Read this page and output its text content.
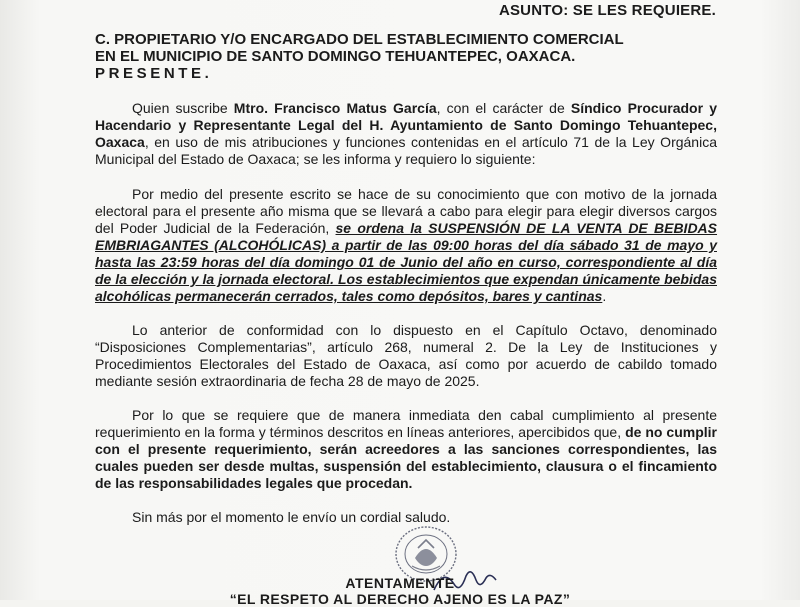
ASUNTO: SE LES REQUIERE.
C. PROPIETARIO Y/O ENCARGADO DEL ESTABLECIMIENTO COMERCIAL
EN EL MUNICIPIO DE SANTO DOMINGO TEHUANTEPEC, OAXACA.
PRESENTE.
Quien suscribe Mtro. Francisco Matus García, con el carácter de Síndico Procurador y Hacendario y Representante Legal del H. Ayuntamiento de Santo Domingo Tehuantepec, Oaxaca, en uso de mis atribuciones y funciones contenidas en el artículo 71 de la Ley Orgánica Municipal del Estado de Oaxaca; se les informa y requiero lo siguiente:
Por medio del presente escrito se hace de su conocimiento que con motivo de la jornada electoral para el presente año misma que se llevará a cabo para elegir para elegir diversos cargos del Poder Judicial de la Federación, se ordena la SUSPENSIÓN DE LA VENTA DE BEBIDAS EMBRIAGANTES (ALCOHÓLICAS) a partir de las 09:00 horas del día sábado 31 de mayo y hasta las 23:59 horas del día domingo 01 de Junio del año en curso, correspondiente al día de la elección y la jornada electoral. Los establecimientos que expendan únicamente bebidas alcohólicas permanecerán cerrados, tales como depósitos, bares y cantinas.
Lo anterior de conformidad con lo dispuesto en el Capítulo Octavo, denominado “Disposiciones Complementarias”, artículo 268, numeral 2. De la Ley de Instituciones y Procedimientos Electorales del Estado de Oaxaca, así como por acuerdo de cabildo tomado mediante sesión extraordinaria de fecha 28 de mayo de 2025.
Por lo que se requiere que de manera inmediata den cabal cumplimiento al presente requerimiento en la forma y términos descritos en líneas anteriores, apercibidos que, de no cumplir con el presente requerimiento, serán acreedores a las sanciones correspondientes, las cuales pueden ser desde multas, suspensión del establecimiento, clausura o el fincamiento de las responsabilidades legales que procedan.
Sin más por el momento le envío un cordial saludo.
ATENTAMENTE
“EL RESPETO AL DERECHO AJENO ES LA PAZ”
